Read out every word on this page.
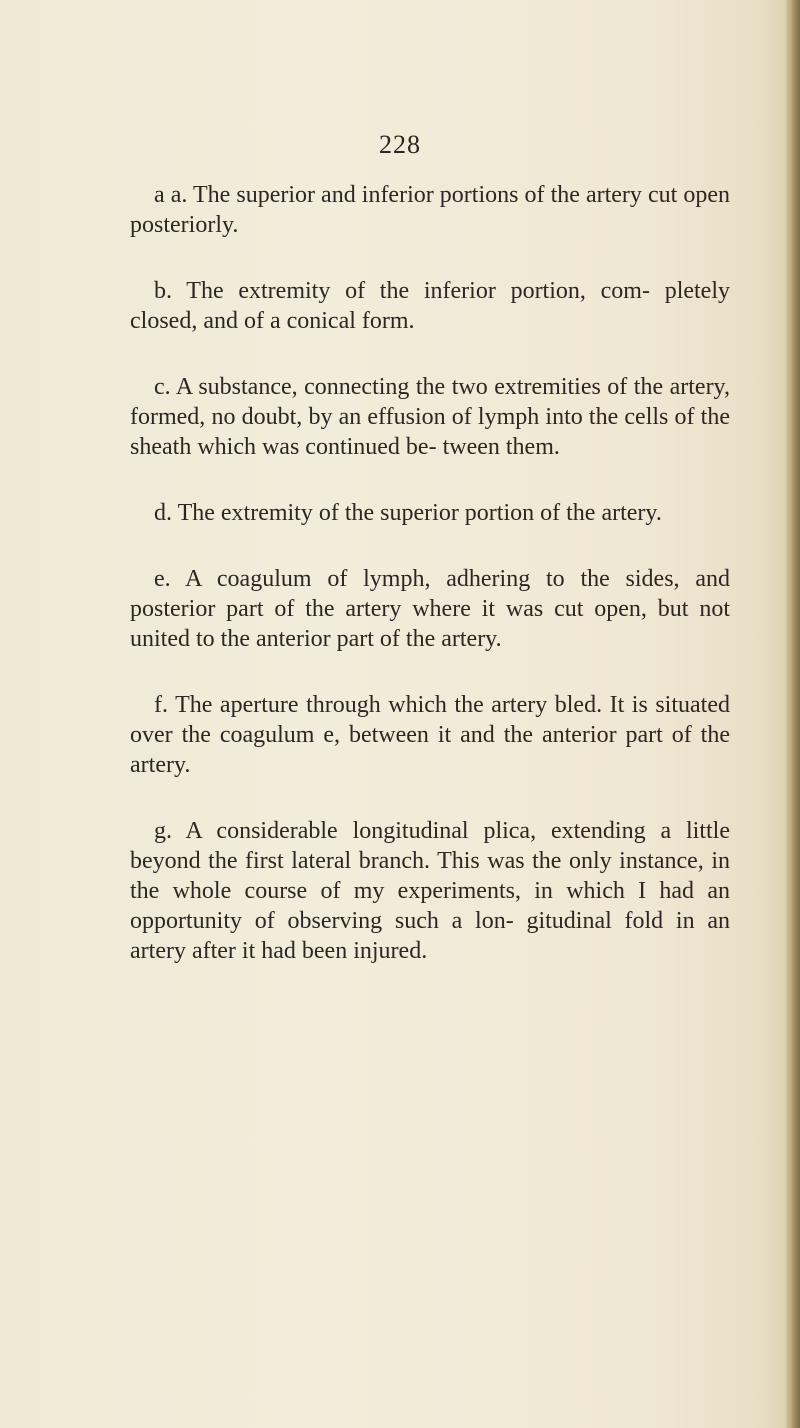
228

a a. The superior and inferior portions of the artery cut open posteriorly.

b. The extremity of the inferior portion, com- pletely closed, and of a conical form.

c. A substance, connecting the two extremities of the artery, formed, no doubt, by an effusion of lymph into the cells of the sheath which was continued be- tween them.

d. The extremity of the superior portion of the artery.

e. A coagulum of lymph, adhering to the sides, and posterior part of the artery where it was cut open, but not united to the anterior part of the artery.

f. The aperture through which the artery bled. It is situated over the coagulum e, between it and the anterior part of the artery.

g. A considerable longitudinal plica, extending a little beyond the first lateral branch. This was the only instance, in the whole course of my experiments, in which I had an opportunity of observing such a lon- gitudinal fold in an artery after it had been injured.
